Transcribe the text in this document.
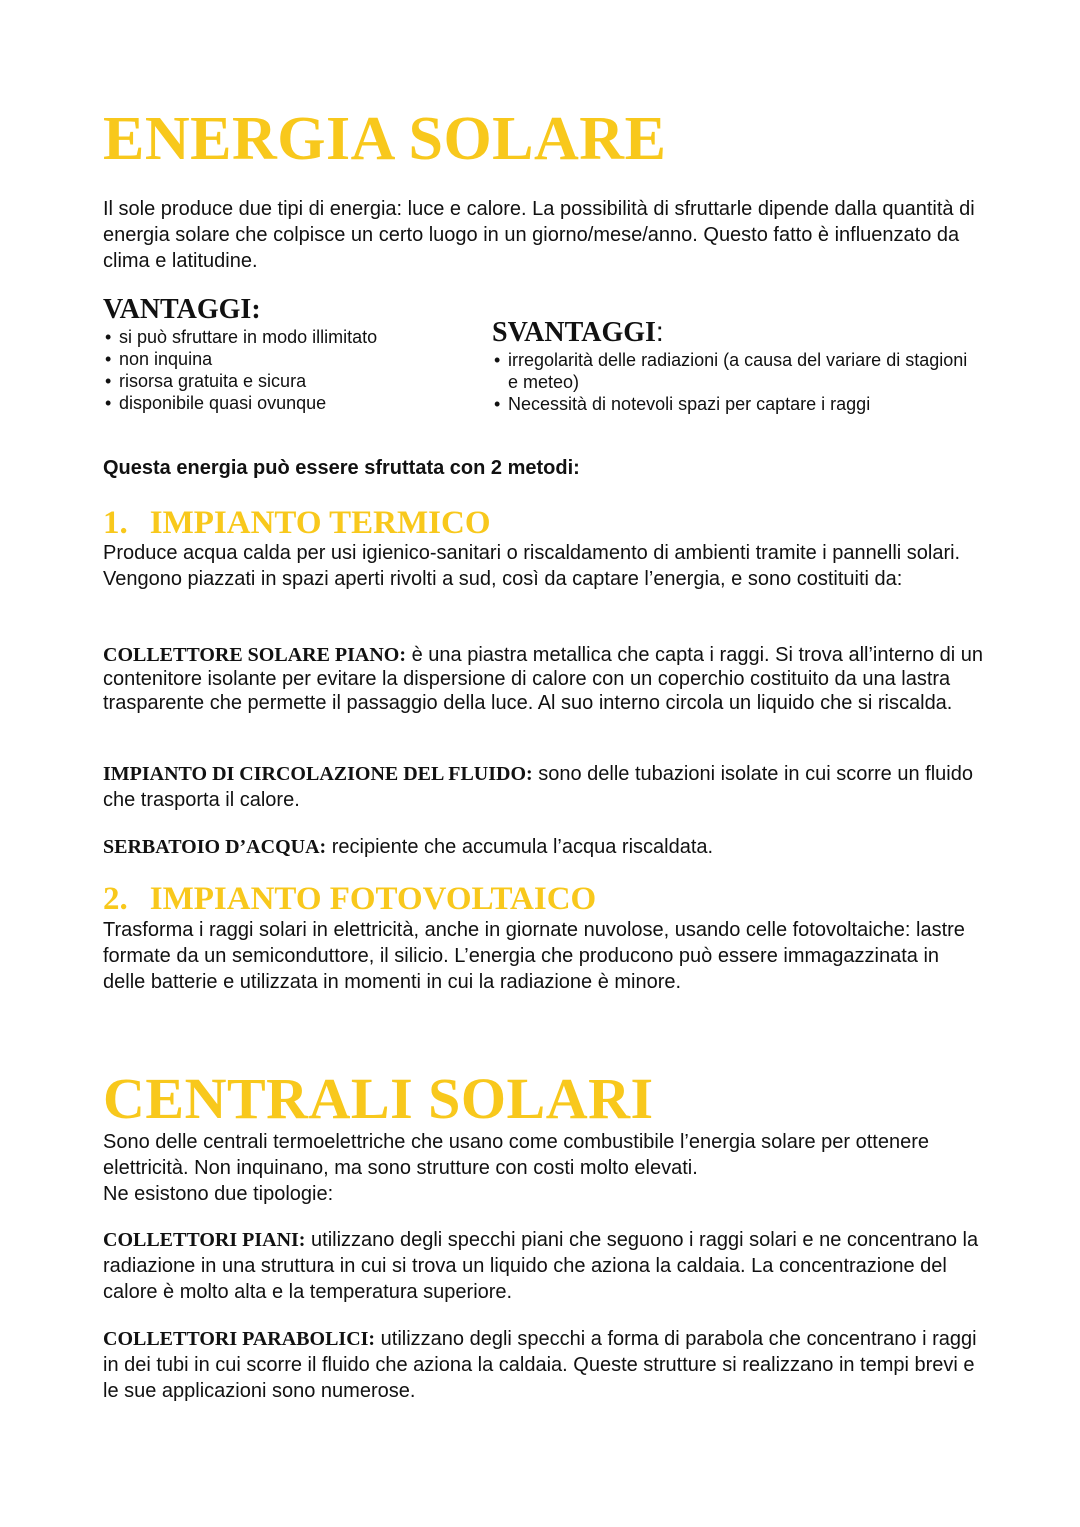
ENERGIA SOLARE

Il sole produce due tipi di energia: luce e calore. La possibilità di sfruttarle dipende dalla quantità di energia solare che colpisce un certo luogo in un giorno/mese/anno. Questo fatto è influenzato da clima e latitudine.

VANTAGGI:
• si può sfruttare in modo illimitato
• non inquina
• risorsa gratuita e sicura
• disponibile quasi ovunque
SVANTAGGI:
• irregolarità delle radiazioni (a causa del variare di stagioni e meteo)
• Necessità di notevoli spazi per captare i raggi

Questa energia può essere sfruttata con 2 metodi:

1. IMPIANTO TERMICO

Produce acqua calda per usi igienico-sanitari o riscaldamento di ambienti tramite i pannelli solari. Vengono piazzati in spazi aperti rivolti a sud, così da captare l’energia, e sono costituiti da:

COLLETTORE SOLARE PIANO: è una piastra metallica che capta i raggi. Si trova all’interno di un contenitore isolante per evitare la dispersione di calore con un coperchio costituito da una lastra trasparente che permette il passaggio della luce. Al suo interno circola un liquido che si riscalda.

IMPIANTO DI CIRCOLAZIONE DEL FLUIDO: sono delle tubazioni isolate in cui scorre un fluido che trasporta il calore.

SERBATOIO D’ACQUA: recipiente che accumula l’acqua riscaldata.

2. IMPIANTO FOTOVOLTAICO

Trasforma i raggi solari in elettricità, anche in giornate nuvolose, usando celle fotovoltaiche: lastre formate da un semiconduttore, il silicio. L’energia che producono può essere immagazzinata in delle batterie e utilizzata in momenti in cui la radiazione è minore.

CENTRALI SOLARI

Sono delle centrali termoelettriche che usano come combustibile l’energia solare per ottenere elettricità. Non inquinano, ma sono strutture con costi molto elevati.

Ne esistono due tipologie:

COLLETTORI PIANI: utilizzano degli specchi piani che seguono i raggi solari e ne concentrano la radiazione in una struttura in cui si trova un liquido che aziona la caldaia. La concentrazione del calore è molto alta e la temperatura superiore.

COLLETTORI PARABOLICI: utilizzano degli specchi a forma di parabola che concentrano i raggi in dei tubi in cui scorre il fluido che aziona la caldaia. Queste strutture si realizzano in tempi brevi e le sue applicazioni sono numerose.
